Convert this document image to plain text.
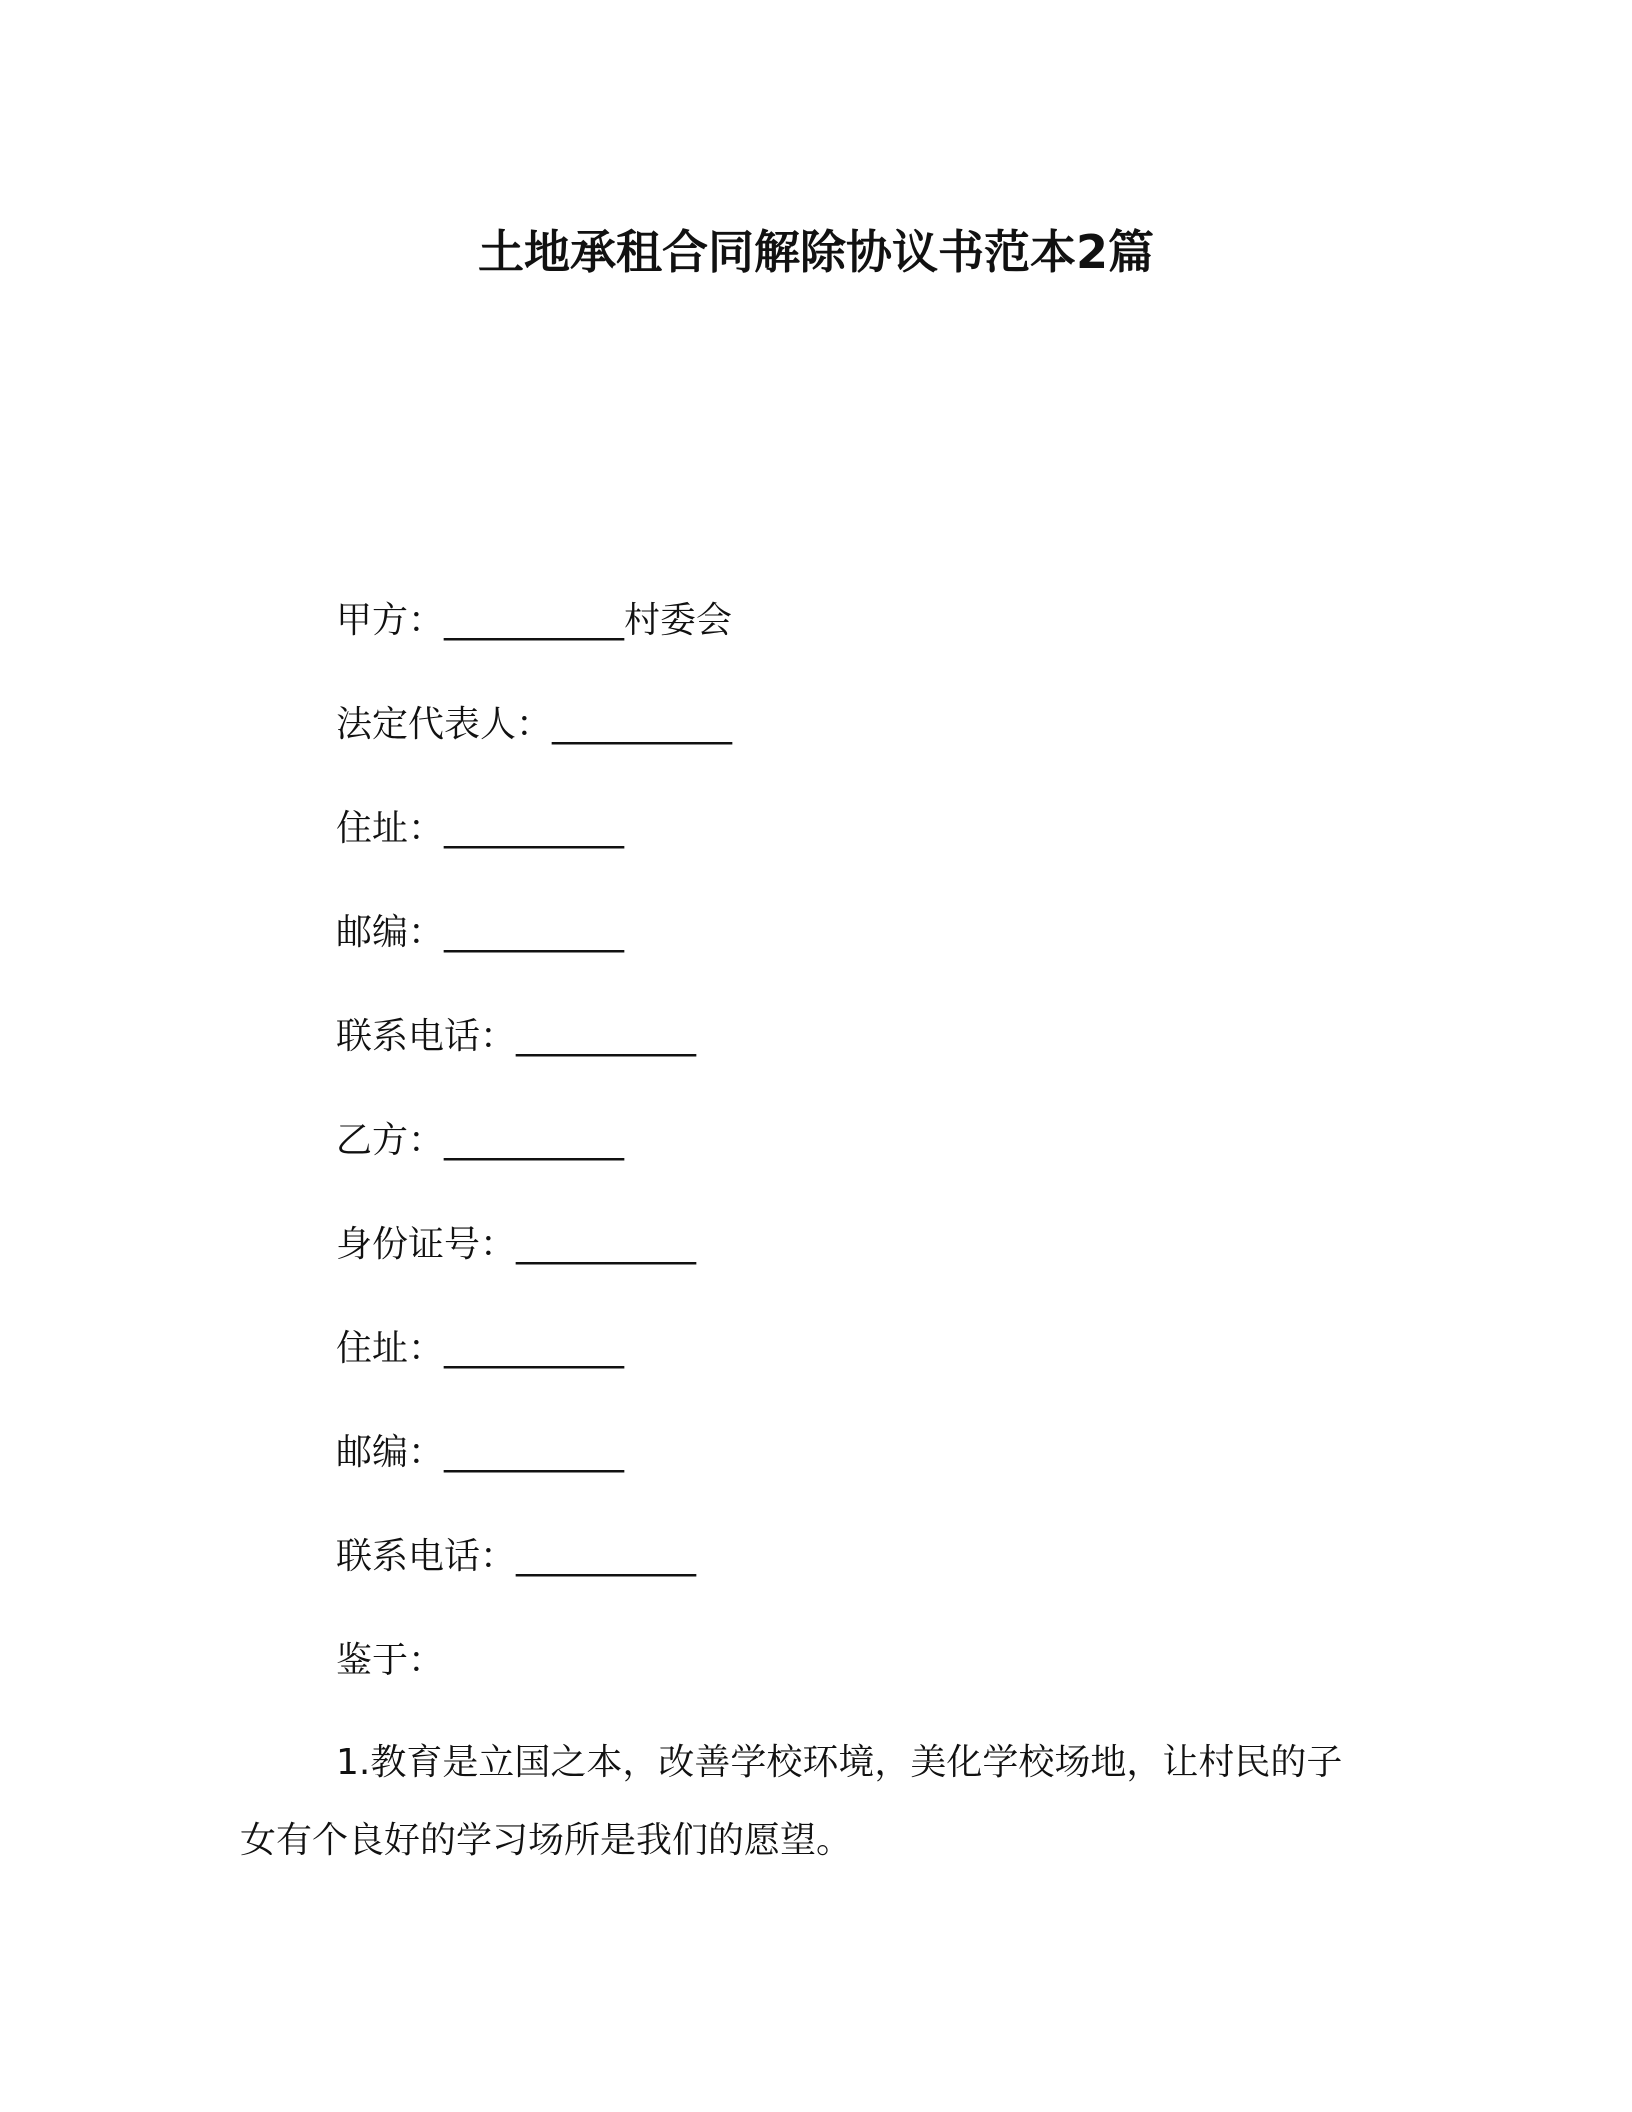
土地承租合同解除协议书范本2篇
甲方：__________村委会
法定代表人：__________
住址：__________
邮编：__________
联系电话：__________
乙方：__________
身份证号：__________
住址：__________
邮编：__________
联系电话：__________
鉴于：
1.教育是立国之本，改善学校环境，美化学校场地，让村民的子
女有个良好的学习场所是我们的愿望。
